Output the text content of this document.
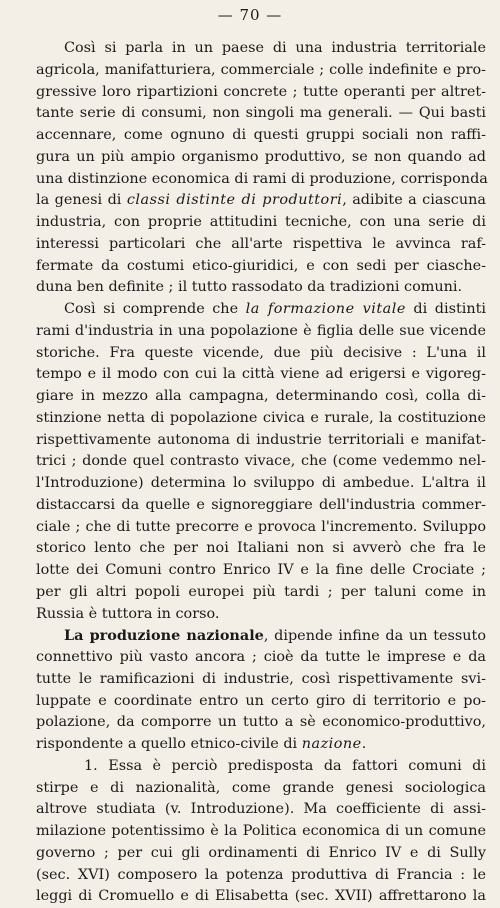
— 70 —
Così si parla in un paese di una industria territoriale
agricola, manifatturiera, commerciale ; colle indefinite e pro-
gressive loro ripartizioni concrete ; tutte operanti per altret-
tante serie di consumi, non singoli ma generali. — Qui basti
accennare, come ognuno di questi gruppi sociali non raffi-
gura un più ampio organismo produttivo, se non quando ad
una distinzione economica di rami di produzione, corrisponda
la genesi di classi distinte di produttori, adibite a ciascuna
industria, con proprie attitudini tecniche, con una serie di
interessi particolari che all'arte rispettiva le avvinca raf-
fermate da costumi etico-giuridici, e con sedi per ciasche-
duna ben definite ; il tutto rassodato da tradizioni comuni.
Così si comprende che la formazione vitale di distinti
rami d'industria in una popolazione è figlia delle sue vicende
storiche. Fra queste vicende, due più decisive : L'una il
tempo e il modo con cui la città viene ad erigersi e vigoreg-
giare in mezzo alla campagna, determinando così, colla di-
stinzione netta di popolazione civica e rurale, la costituzione
rispettivamente autonoma di industrie territoriali e manifat-
trici ; donde quel contrasto vivace, che (come vedemmo nel-
l'Introduzione) determina lo sviluppo di ambedue. L'altra il
distaccarsi da quelle e signoreggiare dell'industria commer-
ciale ; che di tutte precorre e provoca l'incremento. Sviluppo
storico lento che per noi Italiani non si avverò che fra le
lotte dei Comuni contro Enrico IV e la fine delle Crociate ;
per gli altri popoli europei più tardi ; per taluni come in
Russia è tuttora in corso.
La produzione nazionale, dipende infine da un tessuto
connettivo più vasto ancora ; cioè da tutte le imprese e da
tutte le ramificazioni di industrie, così rispettivamente svi-
luppate e coordinate entro un certo giro di territorio e po-
polazione, da comporre un tutto a sè economico-produttivo,
rispondente a quello etnico-civile di nazione.
1. Essa è perciò predisposta da fattori comuni di
stirpe e di nazionalità, come grande genesi sociologica
altrove studiata (v. Introduzione). Ma coefficiente di assi-
milazione potentissimo è la Politica economica di un comune
governo ; per cui gli ordinamenti di Enrico IV e di Sully
(sec. XVI) composero la potenza produttiva di Francia : le
leggi di Cromuello e di Elisabetta (sec. XVII) affrettarono la
